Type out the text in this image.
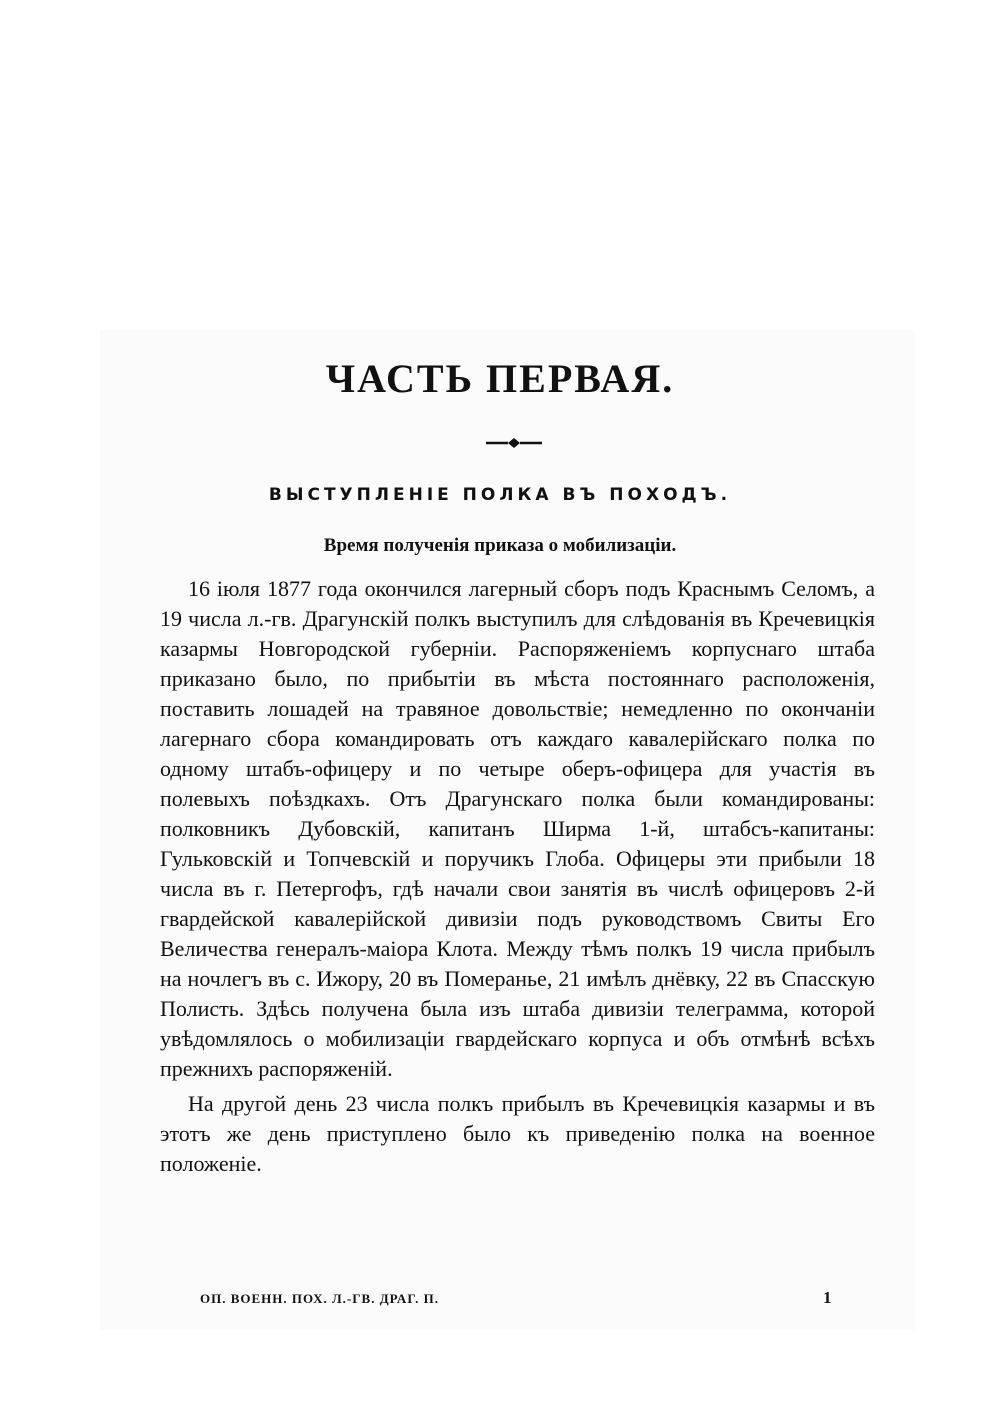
ЧАСТЬ ПЕРВАЯ.
ВЫСТУПЛЕНІЕ ПОЛКА ВЪ ПОХОДЪ.
Время полученія приказа о мобилизаціи.

16 іюля 1877 года окончился лагерный сборъ подъ Краснымъ Селомъ, а 19 числа л.-гв. Драгунскій полкъ выступилъ для слѣдованія въ Кречевицкія казармы Новгородской губерніи. Распоряженіемъ корпуснаго штаба приказано было, по прибытіи въ мѣста постояннаго расположенія, поставить лошадей на травяное довольствіе; немедленно по окончаніи лагернаго сбора командировать отъ каждаго кавалерійскаго полка по одному штабъ-офицеру и по четыре оберъ-офицера для участія въ полевыхъ поѣздкахъ. Отъ Драгунскаго полка были командированы: полковникъ Дубовскій, капитанъ Ширма 1-й, штабсъ-капитаны: Гульковскій и Топчевскій и поручикъ Глоба. Офицеры эти прибыли 18 числа въ г. Петергофъ, гдѣ начали свои занятія въ числѣ офицеровъ 2-й гвардейской кавалерійской дивизіи подъ руководствомъ Свиты Его Величества генералъ-маіора Клота. Между тѣмъ полкъ 19 числа прибылъ на ночлегъ въ с. Ижору, 20 въ Померанье, 21 имѣлъ днёвку, 22 въ Спасскую Полисть. Здѣсь получена была изъ штаба дивизіи телеграмма, которой увѣдомлялось о мобилизаціи гвардейскаго корпуса и объ отмѣнѣ всѣхъ прежнихъ распоряженій.

На другой день 23 числа полкъ прибылъ въ Кречевицкія казармы и въ этотъ же день приступлено было къ приведенію полка на военное положеніе.

ОП. ВОЕНН. ПОХ. Л.-ГВ. ДРАГ. П.	1
